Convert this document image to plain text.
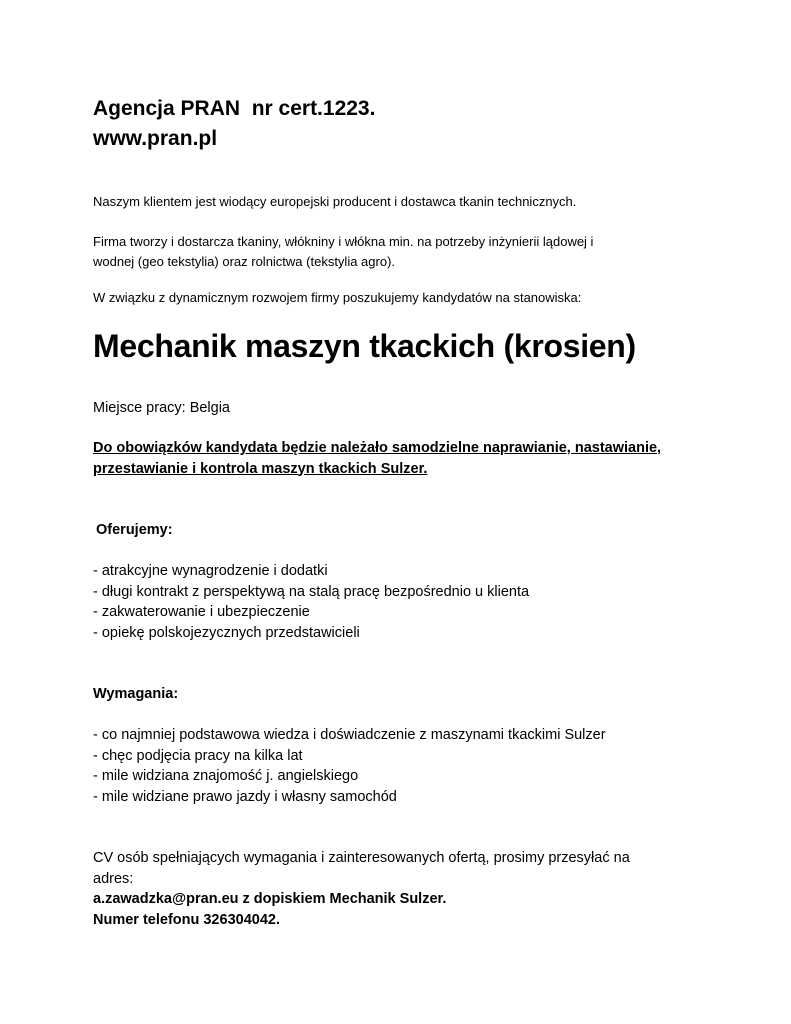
Agencja PRAN  nr cert.1223.

www.pran.pl

Naszym klientem jest wiodący europejski producent i dostawca tkanin technicznych.
Firma tworzy i dostarcza tkaniny, włókniny i włókna min. na potrzeby inżynierii lądowej i
wodnej (geo tekstylia) oraz rolnictwa (tekstylia agro).
W związku z dynamicznym rozwojem firmy poszukujemy kandydatów na stanowiska:
Mechanik maszyn tkackich (krosien)
Miejsce pracy: Belgia
Do obowiązków kandydata będzie należało samodzielne naprawianie, nastawianie,
przestawianie i kontrola maszyn tkackich Sulzer.
Oferujemy:
- atrakcyjne wynagrodzenie i dodatki
- długi kontrakt z perspektywą na stalą pracę bezpośrednio u klienta
- zakwaterowanie i ubezpieczenie
- opiekę polskojezycznych przedstawicieli
Wymagania:
- co najmniej podstawowa wiedza i doświadczenie z maszynami tkackimi Sulzer
- chęc podjęcia pracy na kilka lat
- mile widziana znajomość j. angielskiego
- mile widziane prawo jazdy i własny samochód
CV osób spełniających wymagania i zainteresowanych ofertą, prosimy przesyłać na
adres:
a.zawadzka@pran.eu z dopiskiem Mechanik Sulzer.
Numer telefonu 326304042.
